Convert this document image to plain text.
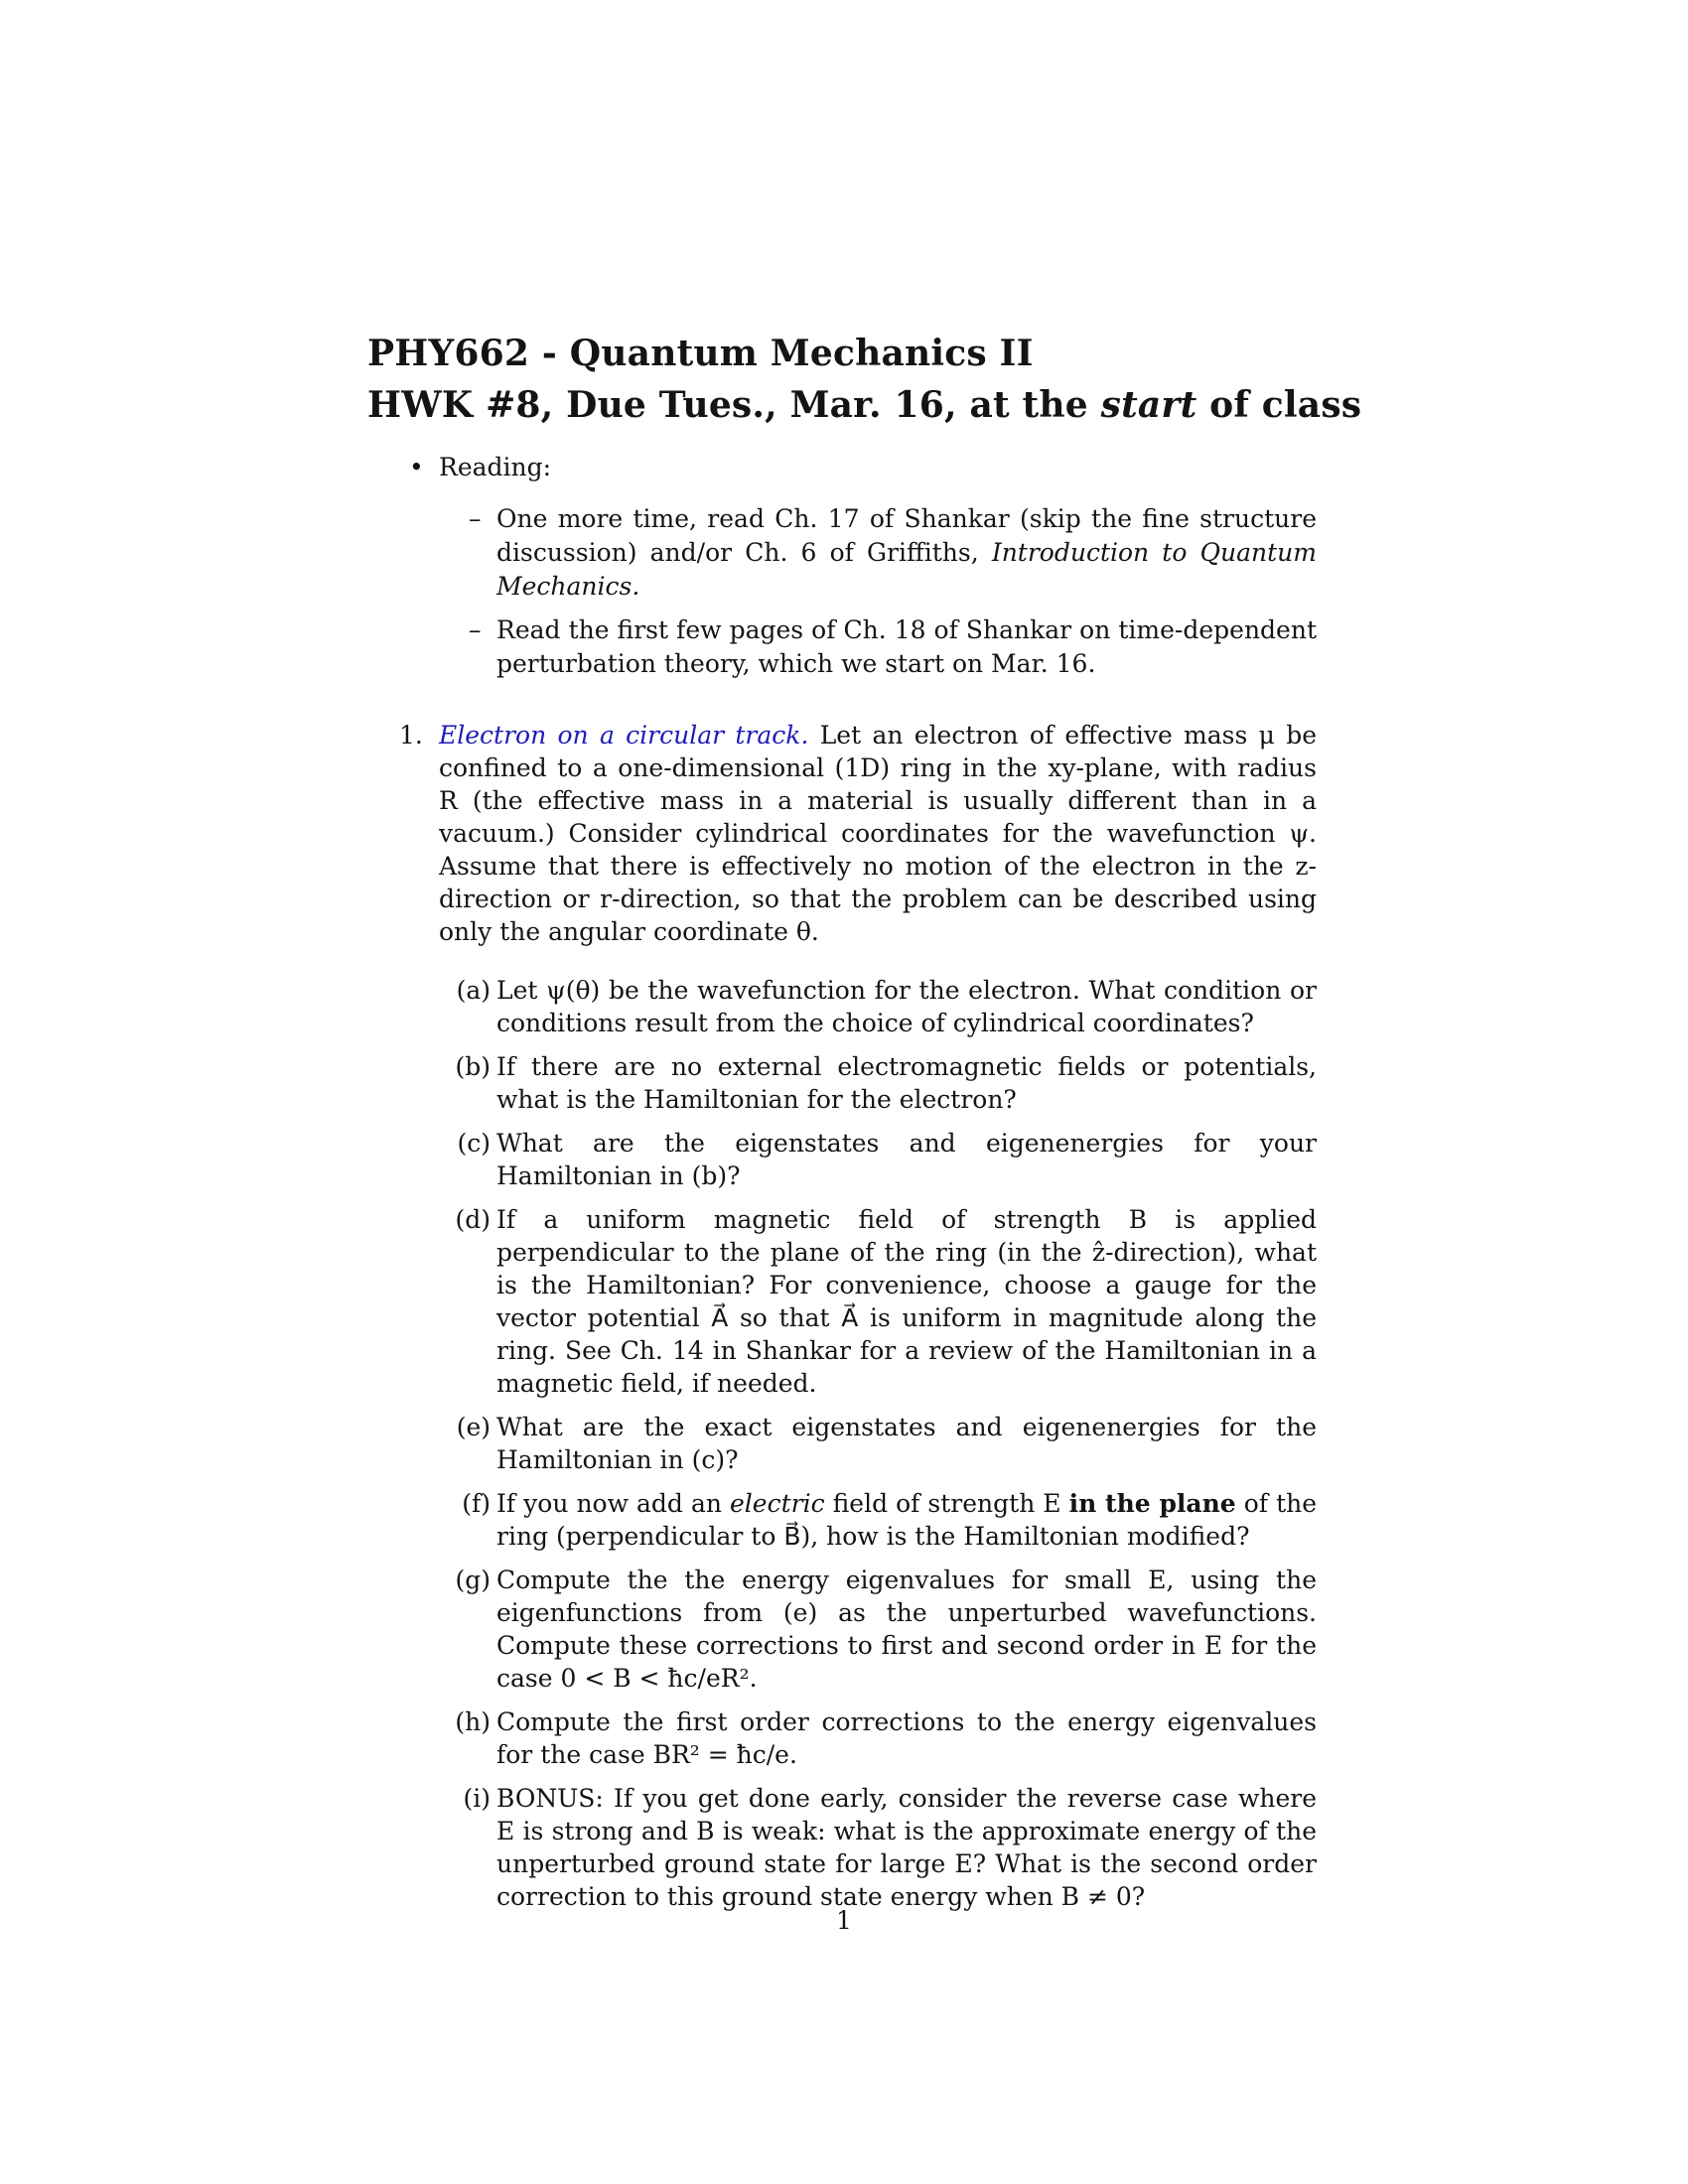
PHY662 - Quantum Mechanics II
HWK #8, Due Tues., Mar. 16, at the start of class
• Reading:
– One more time, read Ch. 17 of Shankar (skip the fine structure discussion) and/or Ch. 6 of Griffiths, Introduction to Quantum Mechanics.
– Read the first few pages of Ch. 18 of Shankar on time-dependent perturbation theory, which we start on Mar. 16.
1. Electron on a circular track. Let an electron of effective mass μ be confined to a one-dimensional (1D) ring in the xy-plane, with radius R (the effective mass in a material is usually different than in a vacuum.) Consider cylindrical coordinates for the wavefunction ψ. Assume that there is effectively no motion of the electron in the z-direction or r-direction, so that the problem can be described using only the angular coordinate θ.
(a) Let ψ(θ) be the wavefunction for the electron. What condition or conditions result from the choice of cylindrical coordinates?
(b) If there are no external electromagnetic fields or potentials, what is the Hamiltonian for the electron?
(c) What are the eigenstates and eigenenergies for your Hamiltonian in (b)?
(d) If a uniform magnetic field of strength B is applied perpendicular to the plane of the ring (in the ẑ-direction), what is the Hamiltonian? For convenience, choose a gauge for the vector potential A⃗ so that A⃗ is uniform in magnitude along the ring. See Ch. 14 in Shankar for a review of the Hamiltonian in a magnetic field, if needed.
(e) What are the exact eigenstates and eigenenergies for the Hamiltonian in (c)?
(f) If you now add an electric field of strength E in the plane of the ring (perpendicular to B⃗), how is the Hamiltonian modified?
(g) Compute the the energy eigenvalues for small E, using the eigenfunctions from (e) as the unperturbed wavefunctions. Compute these corrections to first and second order in E for the case 0 < B < ħc/eR².
(h) Compute the first order corrections to the energy eigenvalues for the case BR² = ħc/e.
(i) BONUS: If you get done early, consider the reverse case where E is strong and B is weak: what is the approximate energy of the unperturbed ground state for large E? What is the second order correction to this ground state energy when B ≠ 0?
1
